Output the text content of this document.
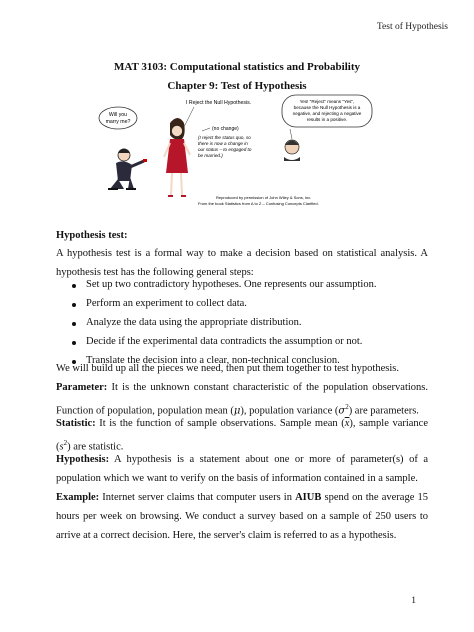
Test of Hypothesis
MAT 3103: Computational statistics and Probability
Chapter 9: Test of Hypothesis
Will you
marry me?
I Reject the Null Hypothesis.
(no change)
(I reject the status quo, so
there is now a change in
our status – to engaged to
be married.)
Yes! "Reject" means "Yes",
because the Null Hypothesis is a
negative, and rejecting a negative
results in a positive.
Reproduced by permission of John Wiley & Sons, Inc.
From the book Statistics from A to Z – Confusing Concepts Clarified.
Hypothesis test:
A hypothesis test is a formal way to make a decision based on statistical analysis. A hypothesis test has the following general steps:
Set up two contradictory hypotheses. One represents our assumption.
Perform an experiment to collect data.
Analyze the data using the appropriate distribution.
Decide if the experimental data contradicts the assumption or not.
Translate the decision into a clear, non-technical conclusion.
We will build up all the pieces we need, then put them together to test hypothesis.
Parameter: It is the unknown constant characteristic of the population observations. Function of population, population mean (μ), population variance $(\sigma^2)$ are parameters.
Statistic: It is the function of sample observations. Sample mean $(\overline{x})$, sample variance $(s^2)$ are statistic.
Hypothesis: A hypothesis is a statement about one or more of parameter(s) of a population which we want to verify on the basis of information contained in a sample.
Example: Internet server claims that computer users in AIUB spend on the average 15 hours per week on browsing. We conduct a survey based on a sample of 250 users to arrive at a correct decision. Here, the server's claim is referred to as a hypothesis.
1
